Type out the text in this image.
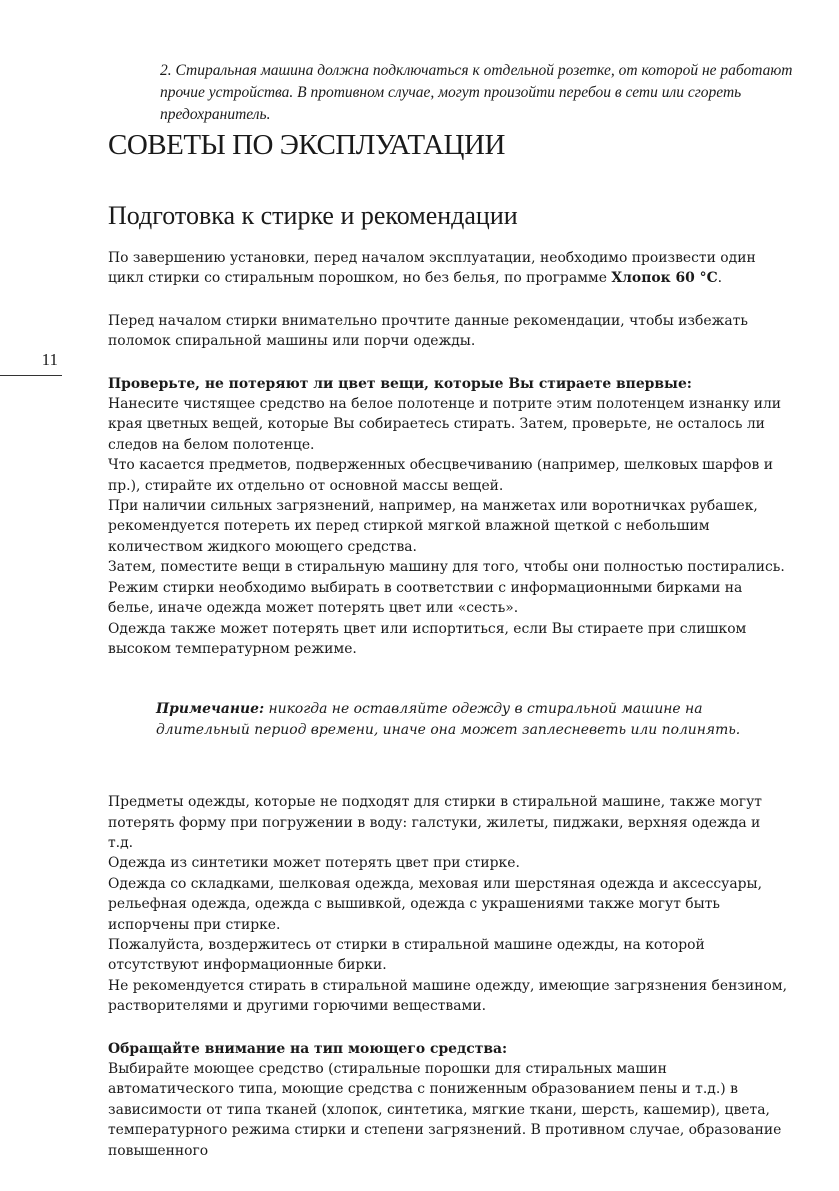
11

2. Стиральная машина должна подключаться к отдельной розетке, от которой не работают прочие устройства. В противном случае, могут произойти перебои в сети или сгореть предохранитель.

СОВЕТЫ ПО ЭКСПЛУАТАЦИИ
Подготовка к стирке и рекомендации

По завершению установки, перед началом эксплуатации, необходимо произвести один цикл стирки со стиральным порошком, но без белья, по программе Хлопок 60 °С.

Перед началом стирки внимательно прочтите данные рекомендации, чтобы избежать поломок спиральной машины или порчи одежды.

Проверьте, не потеряют ли цвет вещи, которые Вы стираете впервые:

Нанесите чистящее средство на белое полотенце и потрите этим полотенцем изнанку или края цветных вещей, которые Вы собираетесь стирать. Затем, проверьте, не осталось ли следов на белом полотенце.

Что касается предметов, подверженных обесцвечиванию (например, шелковых шарфов и пр.), стирайте их отдельно от основной массы вещей.

При наличии сильных загрязнений, например, на манжетах или воротничках рубашек, рекомендуется потереть их перед стиркой мягкой влажной щеткой с небольшим количеством жидкого моющего средства.

Затем, поместите вещи в стиральную машину для того, чтобы они полностью постирались.

Режим стирки необходимо выбирать в соответствии с информационными бирками на белье, иначе одежда может потерять цвет или «сесть».

Одежда также может потерять цвет или испортиться, если Вы стираете при слишком высоком температурном режиме.

Примечание: никогда не оставляйте одежду в стиральной машине на длительный период времени, иначе она может заплесневеть или полинять.

Предметы одежды, которые не подходят для стирки в стиральной машине, также могут потерять форму при погружении в воду: галстуки, жилеты, пиджаки, верхняя одежда и т.д.

Одежда из синтетики может потерять цвет при стирке.

Одежда со складками, шелковая одежда, меховая или шерстяная одежда и аксессуары, рельефная одежда, одежда с вышивкой, одежда с украшениями также могут быть испорчены при стирке.

Пожалуйста, воздержитесь от стирки в стиральной машине одежды, на которой отсутствуют информационные бирки.

Не рекомендуется стирать в стиральной машине одежду, имеющие загрязнения бензином, растворителями и другими горючими веществами.

Обращайте внимание на тип моющего средства:

Выбирайте моющее средство (стиральные порошки для стиральных машин автоматического типа, моющие средства с пониженным образованием пены и т.д.) в зависимости от типа тканей (хлопок, синтетика, мягкие ткани, шерсть, кашемир), цвета, температурного режима стирки и степени загрязнений. В противном случае, образование повышенного
